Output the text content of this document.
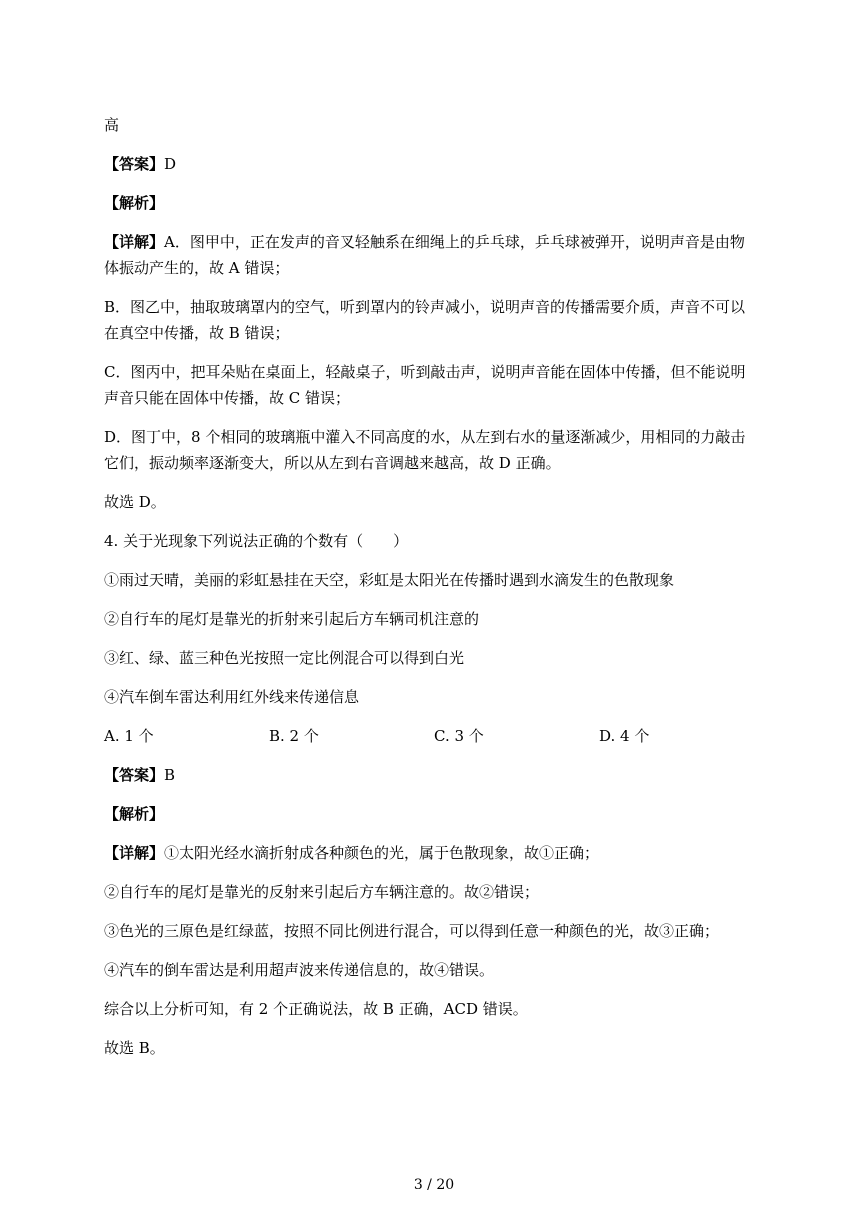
高
【答案】D
【解析】
【详解】A．图甲中，正在发声的音叉轻触系在细绳上的乒乓球，乒乓球被弹开，说明声音是由物
体振动产生的，故 A 错误；
B．图乙中，抽取玻璃罩内的空气，听到罩内的铃声减小，说明声音的传播需要介质，声音不可以
在真空中传播，故 B 错误；
C．图丙中，把耳朵贴在桌面上，轻敲桌子，听到敲击声，说明声音能在固体中传播，但不能说明
声音只能在固体中传播，故 C 错误；
D．图丁中，8 个相同的玻璃瓶中灌入不同高度的水，从左到右水的量逐渐减少，用相同的力敲击
它们，振动频率逐渐变大，所以从左到右音调越来越高，故 D 正确。
故选 D。
4. 关于光现象下列说法正确的个数有（　　）
①雨过天晴，美丽的彩虹悬挂在天空，彩虹是太阳光在传播时遇到水滴发生的色散现象
②自行车的尾灯是靠光的折射来引起后方车辆司机注意的
③红、绿、蓝三种色光按照一定比例混合可以得到白光
④汽车倒车雷达利用红外线来传递信息
A. 1 个	B. 2 个	C. 3 个	D. 4 个
【答案】B
【解析】
【详解】①太阳光经水滴折射成各种颜色的光，属于色散现象，故①正确；
②自行车的尾灯是靠光的反射来引起后方车辆注意的。故②错误；
③色光的三原色是红绿蓝，按照不同比例进行混合，可以得到任意一种颜色的光，故③正确；
④汽车的倒车雷达是利用超声波来传递信息的，故④错误。
综合以上分析可知，有 2 个正确说法，故 B 正确，ACD 错误。
故选 B。
3 / 20
